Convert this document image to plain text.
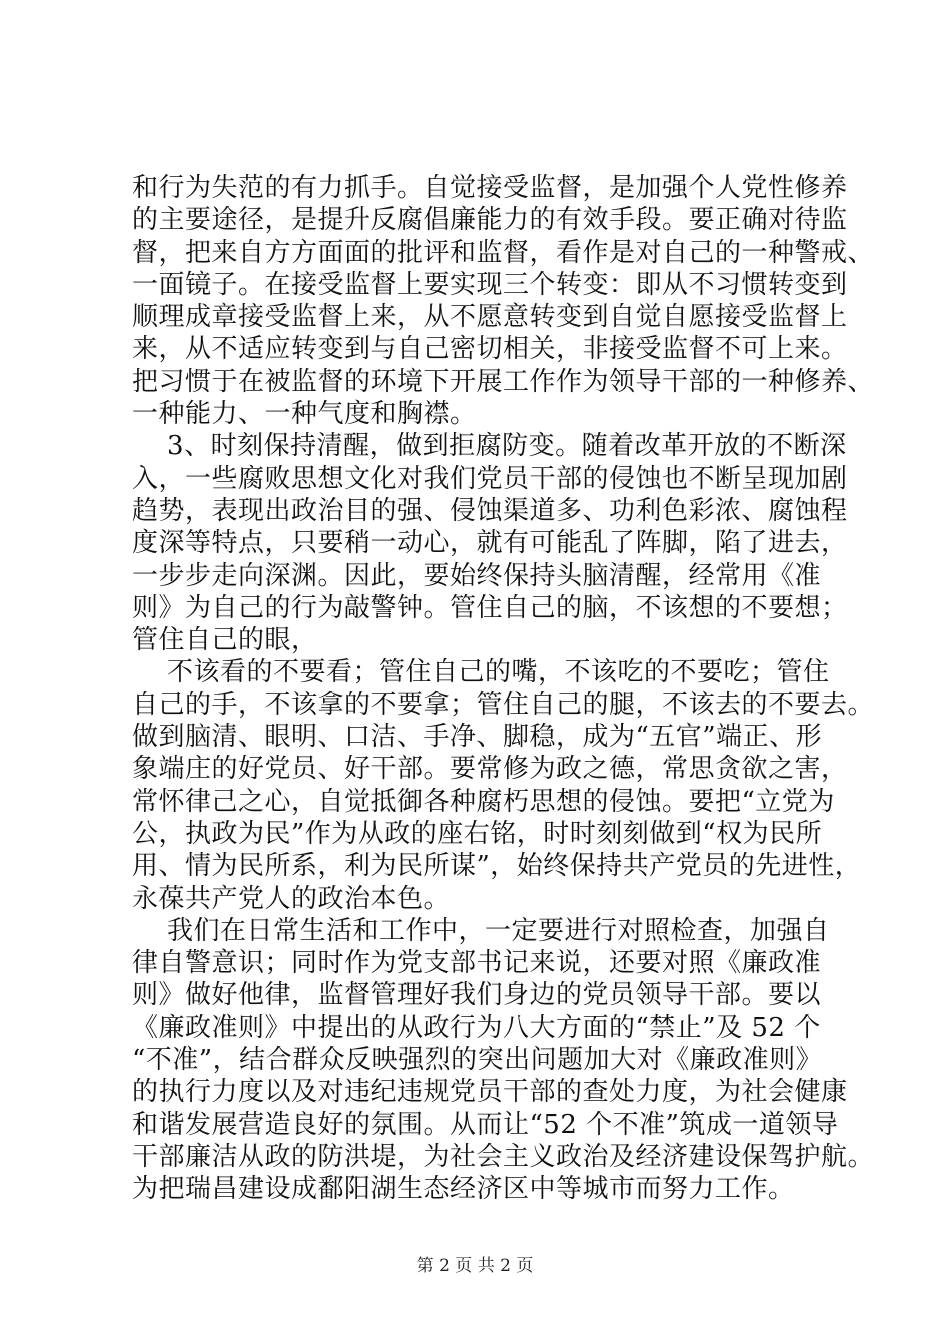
和行为失范的有力抓手。自觉接受监督，是加强个人党性修养
的主要途径，是提升反腐倡廉能力的有效手段。要正确对待监
督，把来自方方面面的批评和监督，看作是对自己的一种警戒、
一面镜子。在接受监督上要实现三个转变：即从不习惯转变到
顺理成章接受监督上来，从不愿意转变到自觉自愿接受监督上
来，从不适应转变到与自己密切相关，非接受监督不可上来。
把习惯于在被监督的环境下开展工作作为领导干部的一种修养、
一种能力、一种气度和胸襟。
3、时刻保持清醒，做到拒腐防变。随着改革开放的不断深
入，一些腐败思想文化对我们党员干部的侵蚀也不断呈现加剧
趋势，表现出政治目的强、侵蚀渠道多、功利色彩浓、腐蚀程
度深等特点，只要稍一动心，就有可能乱了阵脚，陷了进去，
一步步走向深渊。因此，要始终保持头脑清醒，经常用《准
则》为自己的行为敲警钟。管住自己的脑，不该想的不要想；
管住自己的眼，
不该看的不要看；管住自己的嘴，不该吃的不要吃；管住
自己的手，不该拿的不要拿；管住自己的腿，不该去的不要去。
做到脑清、眼明、口洁、手净、脚稳，成为“五官”端正、形
象端庄的好党员、好干部。要常修为政之德，常思贪欲之害，
常怀律己之心，自觉抵御各种腐朽思想的侵蚀。要把“立党为
公，执政为民”作为从政的座右铭，时时刻刻做到“权为民所
用、情为民所系，利为民所谋”，始终保持共产党员的先进性，
永葆共产党人的政治本色。
我们在日常生活和工作中，一定要进行对照检查，加强自
律自警意识；同时作为党支部书记来说，还要对照《廉政准
则》做好他律，监督管理好我们身边的党员领导干部。要以
《廉政准则》中提出的从政行为八大方面的“禁止”及 52 个
“不准”，结合群众反映强烈的突出问题加大对《廉政准则》
的执行力度以及对违纪违规党员干部的查处力度，为社会健康
和谐发展营造良好的氛围。从而让“52 个不准”筑成一道领导
干部廉洁从政的防洪堤，为社会主义政治及经济建设保驾护航。
为把瑞昌建设成鄱阳湖生态经济区中等城市而努力工作。
第 2 页 共 2 页
